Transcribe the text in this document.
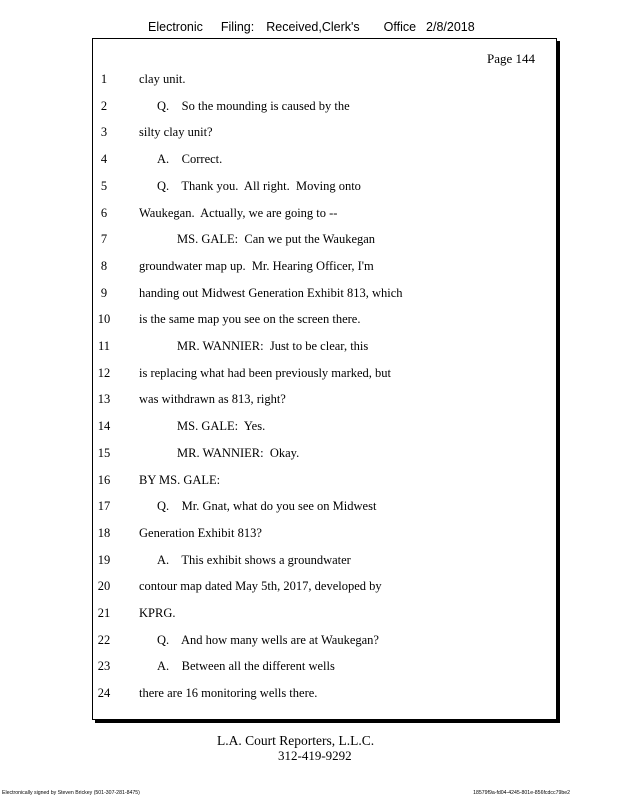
Electronic Filing: Received,Clerk's Office 2/8/2018
Page 144
1	clay unit.
2	Q.    So the mounding is caused by the
3	silty clay unit?
4	A.    Correct.
5	Q.    Thank you.  All right.  Moving onto
6	Waukegan.  Actually, we are going to --
7	MS. GALE:  Can we put the Waukegan
8	groundwater map up.  Mr. Hearing Officer, I'm
9	handing out Midwest Generation Exhibit 813, which
10	is the same map you see on the screen there.
11	MR. WANNIER:  Just to be clear, this
12	is replacing what had been previously marked, but
13	was withdrawn as 813, right?
14	MS. GALE:  Yes.
15	MR. WANNIER:  Okay.
16	BY MS. GALE:
17	Q.    Mr. Gnat, what do you see on Midwest
18	Generation Exhibit 813?
19	A.    This exhibit shows a groundwater
20	contour map dated May 5th, 2017, developed by
21	KPRG.
22	Q.    And how many wells are at Waukegan?
23	A.    Between all the different wells
24	there are 16 monitoring wells there.
L.A. Court Reporters, L.L.C.
312-419-9292
Electronically signed by Steven Brickey (501-307-281-8475)	18579f9a-fd04-4245-801e-856fcdcc79be2
